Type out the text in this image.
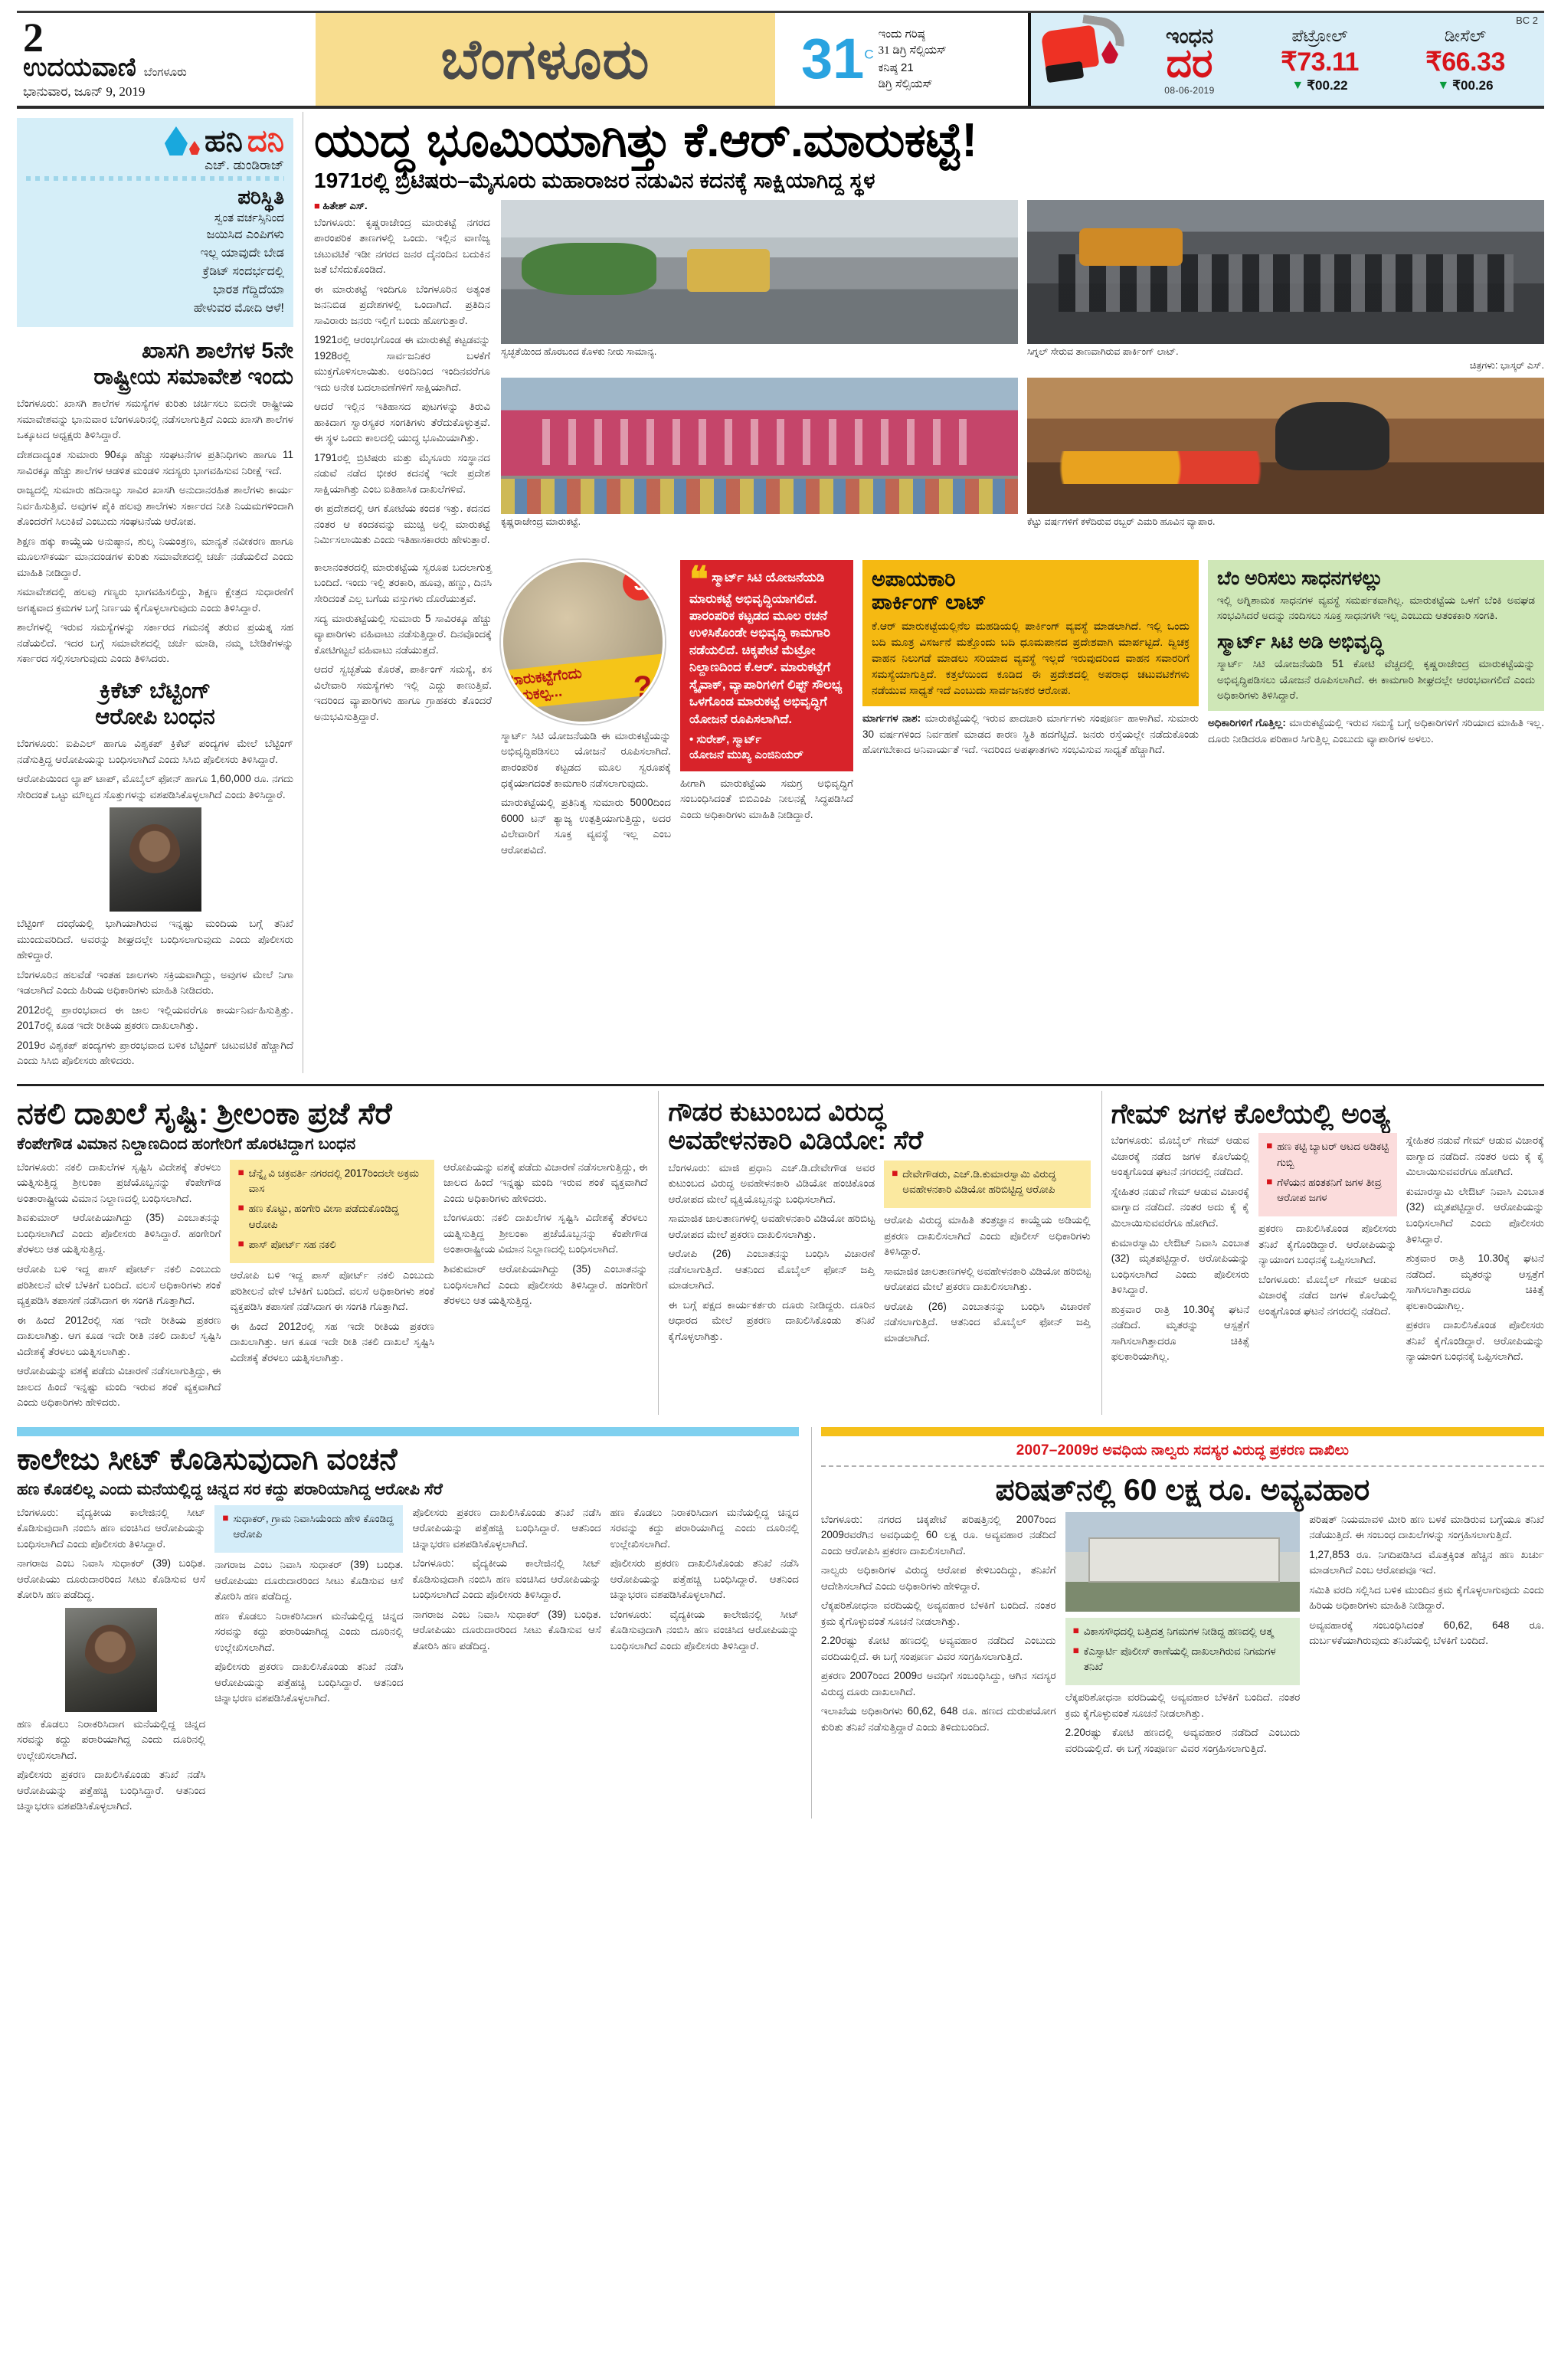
2
ಉದಯವಾಣಿ ಬೆಂಗಳೂರು
ಭಾನುವಾರ, ಜೂನ್ 9, 2019
ಬೆಂಗಳೂರು	$31^C$
ಇಂದು ಗರಿಷ್ಠ
31 ಡಿಗ್ರಿ ಸೆಲ್ಸಿಯಸ್
ಕನಿಷ್ಠ 21
ಡಿಗ್ರಿ ಸೆಲ್ಸಿಯಸ್
BC 2
ಇಂಧನ
ದರ
08-06-2019
ಪೆಟ್ರೋಲ್
₹73.11
▼ ₹00.22
ಡೀಸೆಲ್
₹66.33
▼ ₹00.26
ಹನಿ ದನಿ
ಎಚ್. ಡುಂಡಿರಾಜ್
ಪರಿಸ್ಥಿತಿ
ಸ್ವಂತ ವರ್ಚಸ್ಸಿನಿಂದ
ಜಯಿಸಿದ ಎಂಪಿಗಳು
ಇಲ್ಲ ಯಾವುದೇ ಬೇಡ
ಕ್ರೆಡಿಟ್ ಸಂದರ್ಭದಲ್ಲಿ
ಭಾರತ ಗೆದ್ದಿದೆಯಾ
ಹೇಳುವರ ಮೋದಿ ಆಳೆ!
ಖಾಸಗಿ ಶಾಲೆಗಳ 5ನೇ
ರಾಷ್ಟ್ರೀಯ ಸಮಾವೇಶ ಇಂದು

ಬೆಂಗಳೂರು: ಖಾಸಗಿ ಶಾಲೆಗಳ ಸಮಸ್ಯೆಗಳ ಕುರಿತು ಚರ್ಚಿಸಲು ಐದನೇ ರಾಷ್ಟ್ರೀಯ ಸಮಾವೇಶವನ್ನು ಭಾನುವಾರ ಬೆಂಗಳೂರಿನಲ್ಲಿ ನಡೆಸಲಾಗುತ್ತಿದೆ ಎಂದು ಖಾಸಗಿ ಶಾಲೆಗಳ ಒಕ್ಕೂಟದ ಅಧ್ಯಕ್ಷರು ತಿಳಿಸಿದ್ದಾರೆ.

ದೇಶದಾದ್ಯಂತ ಸುಮಾರು 90ಕ್ಕೂ ಹೆಚ್ಚು ಸಂಘಟನೆಗಳ ಪ್ರತಿನಿಧಿಗಳು ಹಾಗೂ 11 ಸಾವಿರಕ್ಕೂ ಹೆಚ್ಚು ಶಾಲೆಗಳ ಆಡಳಿತ ಮಂಡಳಿ ಸದಸ್ಯರು ಭಾಗವಹಿಸುವ ನಿರೀಕ್ಷೆ ಇದೆ.

ರಾಜ್ಯದಲ್ಲಿ ಸುಮಾರು ಹದಿನಾಲ್ಕು ಸಾವಿರ ಖಾಸಗಿ ಅನುದಾನರಹಿತ ಶಾಲೆಗಳು ಕಾರ್ಯ ನಿರ್ವಹಿಸುತ್ತಿವೆ. ಅವುಗಳ ಪೈಕಿ ಹಲವು ಶಾಲೆಗಳು ಸರ್ಕಾರದ ನೀತಿ ನಿಯಮಗಳಿಂದಾಗಿ ತೊಂದರೆಗೆ ಸಿಲುಕಿವೆ ಎಂಬುದು ಸಂಘಟನೆಯ ಆರೋಪ.

ಶಿಕ್ಷಣ ಹಕ್ಕು ಕಾಯ್ದೆಯ ಅನುಷ್ಠಾನ, ಶುಲ್ಕ ನಿಯಂತ್ರಣ, ಮಾನ್ಯತೆ ನವೀಕರಣ ಹಾಗೂ ಮೂಲಸೌಕರ್ಯ ಮಾನದಂಡಗಳ ಕುರಿತು ಸಮಾವೇಶದಲ್ಲಿ ಚರ್ಚೆ ನಡೆಯಲಿದೆ ಎಂದು ಮಾಹಿತಿ ನೀಡಿದ್ದಾರೆ.

ಸಮಾವೇಶದಲ್ಲಿ ಹಲವು ಗಣ್ಯರು ಭಾಗವಹಿಸಲಿದ್ದು, ಶಿಕ್ಷಣ ಕ್ಷೇತ್ರದ ಸುಧಾರಣೆಗೆ ಅಗತ್ಯವಾದ ಕ್ರಮಗಳ ಬಗ್ಗೆ ನಿರ್ಣಯ ಕೈಗೊಳ್ಳಲಾಗುವುದು ಎಂದು ತಿಳಿಸಿದ್ದಾರೆ.

ಶಾಲೆಗಳಲ್ಲಿ ಇರುವ ಸಮಸ್ಯೆಗಳನ್ನು ಸರ್ಕಾರದ ಗಮನಕ್ಕೆ ತರುವ ಪ್ರಯತ್ನ ಸಹ ನಡೆಯಲಿದೆ. ಇದರ ಬಗ್ಗೆ ಸಮಾವೇಶದಲ್ಲಿ ಚರ್ಚೆ ಮಾಡಿ, ನಮ್ಮ ಬೇಡಿಕೆಗಳನ್ನು ಸರ್ಕಾರದ ಸಲ್ಲಿಸಲಾಗುವುದು ಎಂದು ತಿಳಿಸಿದರು.

ಕ್ರಿಕೆಟ್ ಬೆಟ್ಟಿಂಗ್
ಆರೋಪಿ ಬಂಧನ

ಬೆಂಗಳೂರು: ಐಪಿಎಲ್ ಹಾಗೂ ವಿಶ್ವಕಪ್ ಕ್ರಿಕೆಟ್ ಪಂದ್ಯಗಳ ಮೇಲೆ ಬೆಟ್ಟಿಂಗ್ ನಡೆಸುತ್ತಿದ್ದ ಆರೋಪಿಯನ್ನು ಬಂಧಿಸಲಾಗಿದೆ ಎಂದು ಸಿಸಿಬಿ ಪೊಲೀಸರು ತಿಳಿಸಿದ್ದಾರೆ.

ಆರೋಪಿಯಿಂದ ಲ್ಯಾಪ್ ಟಾಪ್, ಮೊಬೈಲ್ ಫೋನ್ ಹಾಗೂ 1,60,000 ರೂ. ನಗದು ಸೇರಿದಂತೆ ಒಟ್ಟು ಮೌಲ್ಯದ ಸೊತ್ತುಗಳನ್ನು ವಶಪಡಿಸಿಕೊಳ್ಳಲಾಗಿದೆ ಎಂದು ತಿಳಿಸಿದ್ದಾರೆ.

ಬೆಟ್ಟಿಂಗ್ ದಂಧೆಯಲ್ಲಿ ಭಾಗಿಯಾಗಿರುವ ಇನ್ನಷ್ಟು ಮಂದಿಯ ಬಗ್ಗೆ ತನಿಖೆ ಮುಂದುವರಿದಿದೆ. ಅವರನ್ನು ಶೀಘ್ರದಲ್ಲೇ ಬಂಧಿಸಲಾಗುವುದು ಎಂದು ಪೊಲೀಸರು ಹೇಳಿದ್ದಾರೆ.

ಬೆಂಗಳೂರಿನ ಹಲವೆಡೆ ಇಂತಹ ಜಾಲಗಳು ಸಕ್ರಿಯವಾಗಿದ್ದು, ಅವುಗಳ ಮೇಲೆ ನಿಗಾ ಇಡಲಾಗಿದೆ ಎಂದು ಹಿರಿಯ ಅಧಿಕಾರಿಗಳು ಮಾಹಿತಿ ನೀಡಿದರು.

2012ರಲ್ಲಿ ಪ್ರಾರಂಭವಾದ ಈ ಜಾಲ ಇಲ್ಲಿಯವರೆಗೂ ಕಾರ್ಯನಿರ್ವಹಿಸುತ್ತಿತ್ತು. 2017ರಲ್ಲಿ ಕೂಡ ಇದೇ ರೀತಿಯ ಪ್ರಕರಣ ದಾಖಲಾಗಿತ್ತು.

2019ರ ವಿಶ್ವಕಪ್ ಪಂದ್ಯಗಳು ಪ್ರಾರಂಭವಾದ ಬಳಿಕ ಬೆಟ್ಟಿಂಗ್ ಚಟುವಟಿಕೆ ಹೆಚ್ಚಾಗಿದೆ ಎಂದು ಸಿಸಿಬಿ ಪೊಲೀಸರು ಹೇಳಿದರು.

ಯುದ್ಧ ಭೂಮಿಯಾಗಿತ್ತು ಕೆ.ಆರ್.ಮಾರುಕಟ್ಟೆ!
1971ರಲ್ಲಿ ಬ್ರಿಟಿಷರು–ಮೈಸೂರು ಮಹಾರಾಜರ ನಡುವಿನ ಕದನಕ್ಕೆ ಸಾಕ್ಷಿಯಾಗಿದ್ದ ಸ್ಥಳ
■ ಹಿತೇಶ್ ಎಸ್.

ಬೆಂಗಳೂರು: ಕೃಷ್ಣರಾಜೇಂದ್ರ ಮಾರುಕಟ್ಟೆ ನಗರದ ಪಾರಂಪರಿಕ ತಾಣಗಳಲ್ಲಿ ಒಂದು. ಇಲ್ಲಿನ ವಾಣಿಜ್ಯ ಚಟುವಟಿಕೆ ಇಡೀ ನಗರದ ಜನರ ದೈನಂದಿನ ಬದುಕಿನ ಜತೆ ಬೆಸೆದುಕೊಂಡಿದೆ.

ಈ ಮಾರುಕಟ್ಟೆ ಇಂದಿಗೂ ಬೆಂಗಳೂರಿನ ಅತ್ಯಂತ ಜನನಿಬಿಡ ಪ್ರದೇಶಗಳಲ್ಲಿ ಒಂದಾಗಿದೆ. ಪ್ರತಿದಿನ ಸಾವಿರಾರು ಜನರು ಇಲ್ಲಿಗೆ ಬಂದು ಹೋಗುತ್ತಾರೆ.

1921ರಲ್ಲಿ ಆರಂಭಗೊಂಡ ಈ ಮಾರುಕಟ್ಟೆ ಕಟ್ಟಡವನ್ನು 1928ರಲ್ಲಿ ಸಾರ್ವಜನಿಕರ ಬಳಕೆಗೆ ಮುಕ್ತಗೊಳಿಸಲಾಯಿತು. ಅಂದಿನಿಂದ ಇಂದಿನವರೆಗೂ ಇದು ಅನೇಕ ಬದಲಾವಣೆಗಳಿಗೆ ಸಾಕ್ಷಿಯಾಗಿದೆ.

ಆದರೆ ಇಲ್ಲಿನ ಇತಿಹಾಸದ ಪುಟಗಳನ್ನು ತಿರುವಿ ಹಾಕಿದಾಗ ಸ್ವಾರಸ್ಯಕರ ಸಂಗತಿಗಳು ತೆರೆದುಕೊಳ್ಳುತ್ತವೆ. ಈ ಸ್ಥಳ ಒಂದು ಕಾಲದಲ್ಲಿ ಯುದ್ಧ ಭೂಮಿಯಾಗಿತ್ತು.

1791ರಲ್ಲಿ ಬ್ರಿಟಿಷರು ಮತ್ತು ಮೈಸೂರು ಸಂಸ್ಥಾನದ ನಡುವೆ ನಡೆದ ಭೀಕರ ಕದನಕ್ಕೆ ಇದೇ ಪ್ರದೇಶ ಸಾಕ್ಷಿಯಾಗಿತ್ತು ಎಂಬ ಐತಿಹಾಸಿಕ ದಾಖಲೆಗಳಿವೆ.

ಈ ಪ್ರದೇಶದಲ್ಲಿ ಆಗ ಕೋಟೆಯ ಕಂದಕ ಇತ್ತು. ಕದನದ ನಂತರ ಆ ಕಂದಕವನ್ನು ಮುಚ್ಚಿ ಅಲ್ಲಿ ಮಾರುಕಟ್ಟೆ ನಿರ್ಮಿಸಲಾಯಿತು ಎಂದು ಇತಿಹಾಸಕಾರರು ಹೇಳುತ್ತಾರೆ.

ಸ್ವಚ್ಛತೆಯಿಂದ ಹೊರಬಂದ ಕೊಳಕು ನೀರು ಸಾಮಾನ್ಯ.	ಸಿಗ್ನಲ್ ಸೇರುವ ತಾಣವಾಗಿರುವ ಪಾರ್ಕಿಂಗ್ ಲಾಟ್.
ಚಿತ್ರಗಳು: ಭಾಸ್ಕರ್ ಎಸ್.
ಕೃಷ್ಣರಾಜೇಂದ್ರ ಮಾರುಕಟ್ಟೆ.	ಕೆಟ್ಟು ವರ್ಷಗಳಿಗೆ ಕಳೆದಿರುವ ರಬ್ಬರ್ ಎಮರಿ ಹೂವಿನ ವ್ಯಾಪಾರ.

ಕಾಲಾನಂತರದಲ್ಲಿ ಮಾರುಕಟ್ಟೆಯ ಸ್ವರೂಪ ಬದಲಾಗುತ್ತ ಬಂದಿದೆ. ಇಂದು ಇಲ್ಲಿ ತರಕಾರಿ, ಹೂವು, ಹಣ್ಣು, ದಿನಸಿ ಸೇರಿದಂತೆ ಎಲ್ಲ ಬಗೆಯ ವಸ್ತುಗಳು ದೊರೆಯುತ್ತವೆ.

ಸದ್ಯ ಮಾರುಕಟ್ಟೆಯಲ್ಲಿ ಸುಮಾರು 5 ಸಾವಿರಕ್ಕೂ ಹೆಚ್ಚು ವ್ಯಾಪಾರಿಗಳು ವಹಿವಾಟು ನಡೆಸುತ್ತಿದ್ದಾರೆ. ದಿನವೊಂದಕ್ಕೆ ಕೋಟಿಗಟ್ಟಲೆ ವಹಿವಾಟು ನಡೆಯುತ್ತದೆ.

ಆದರೆ ಸ್ವಚ್ಛತೆಯ ಕೊರತೆ, ಪಾರ್ಕಿಂಗ್ ಸಮಸ್ಯೆ, ಕಸ ವಿಲೇವಾರಿ ಸಮಸ್ಯೆಗಳು ಇಲ್ಲಿ ಎದ್ದು ಕಾಣುತ್ತಿವೆ. ಇದರಿಂದ ವ್ಯಾಪಾರಿಗಳು ಹಾಗೂ ಗ್ರಾಹಕರು ತೊಂದರೆ ಅನುಭವಿಸುತ್ತಿದ್ದಾರೆ.

3
ಮಾರುಕಟ್ಟೆಗೆಂದು
ಕಾಯಕಲ್ಪ...	?

ಸ್ಮಾರ್ಟ್ ಸಿಟಿ ಯೋಜನೆಯಡಿ ಈ ಮಾರುಕಟ್ಟೆಯನ್ನು ಅಭಿವೃದ್ಧಿಪಡಿಸಲು ಯೋಜನೆ ರೂಪಿಸಲಾಗಿದೆ. ಪಾರಂಪರಿಕ ಕಟ್ಟಡದ ಮೂಲ ಸ್ವರೂಪಕ್ಕೆ ಧಕ್ಕೆಯಾಗದಂತೆ ಕಾಮಗಾರಿ ನಡೆಸಲಾಗುವುದು.

ಮಾರುಕಟ್ಟೆಯಲ್ಲಿ ಪ್ರತಿನಿತ್ಯ ಸುಮಾರು 5000ದಿಂದ 6000 ಟನ್ ತ್ಯಾಜ್ಯ ಉತ್ಪತ್ತಿಯಾಗುತ್ತಿದ್ದು, ಅದರ ವಿಲೇವಾರಿಗೆ ಸೂಕ್ತ ವ್ಯವಸ್ಥೆ ಇಲ್ಲ ಎಂಬ ಆರೋಪವಿದೆ.

❝ ಸ್ಮಾರ್ಟ್ ಸಿಟಿ ಯೋಜನೆಯಡಿ ಮಾರುಕಟ್ಟೆ ಅಭಿವೃದ್ಧಿಯಾಗಲಿದೆ. ಪಾರಂಪರಿಕ ಕಟ್ಟಡದ ಮೂಲ ರಚನೆ ಉಳಿಸಿಕೊಂಡೇ ಅಭಿವೃದ್ಧಿ ಕಾಮಗಾರಿ ನಡೆಯಲಿದೆ. ಚಿಕ್ಕಪೇಟೆ ಮೆಟ್ರೋ ನಿಲ್ದಾಣದಿಂದ ಕೆ.ಆರ್. ಮಾರುಕಟ್ಟೆಗೆ ಸ್ಕೈವಾಕ್, ವ್ಯಾಪಾರಿಗಳಿಗೆ ಲಿಫ್ಟ್ ಸೌಲಭ್ಯ ಒಳಗೊಂಡ ಮಾರುಕಟ್ಟೆ ಅಭಿವೃದ್ಧಿಗೆ ಯೋಜನೆ ರೂಪಿಸಲಾಗಿದೆ.
• ಸುರೇಶ್, ಸ್ಮಾರ್ಟ್
ಯೋಜನೆ ಮುಖ್ಯ ಎಂಜಿನಿಯರ್

ಹೀಗಾಗಿ ಮಾರುಕಟ್ಟೆಯ ಸಮಗ್ರ ಅಭಿವೃದ್ಧಿಗೆ ಸಂಬಂಧಿಸಿದಂತೆ ಬಿಬಿಎಂಪಿ ನೀಲನಕ್ಷೆ ಸಿದ್ಧಪಡಿಸಿದೆ ಎಂದು ಅಧಿಕಾರಿಗಳು ಮಾಹಿತಿ ನೀಡಿದ್ದಾರೆ.

ಅಪಾಯಕಾರಿ
ಪಾರ್ಕಿಂಗ್ ಲಾಟ್
ಕೆ.ಆರ್ ಮಾರುಕಟ್ಟೆಯಲ್ಲಿನೆಲ ಮಹಡಿಯಲ್ಲಿ ಪಾರ್ಕಿಂಗ್ ವ್ಯವಸ್ಥೆ ಮಾಡಲಾಗಿದೆ. ಇಲ್ಲಿ ಒಂದು ಬದಿ ಮೂತ್ರ ವಿಸರ್ಜನೆ ಮತ್ತೊಂದು ಬದಿ ಧೂಮಪಾನದ ಪ್ರದೇಶವಾಗಿ ಮಾರ್ಪಟ್ಟಿದೆ. ದ್ವಿಚಕ್ರ ವಾಹನ ನಿಲುಗಡೆ ಮಾಡಲು ಸರಿಯಾದ ವ್ಯವಸ್ಥೆ ಇಲ್ಲದೆ ಇರುವುದರಿಂದ ವಾಹನ ಸವಾರರಿಗೆ ಸಮಸ್ಯೆಯಾಗುತ್ತಿದೆ. ಕತ್ತಲೆಯಿಂದ ಕೂಡಿದ ಈ ಪ್ರದೇಶದಲ್ಲಿ ಅಪರಾಧ ಚಟುವಟಿಕೆಗಳು ನಡೆಯುವ ಸಾಧ್ಯತೆ ಇದೆ ಎಂಬುದು ಸಾರ್ವಜನಿಕರ ಆರೋಪ.

ಮಾರ್ಗಗಳ ನಾಶ: ಮಾರುಕಟ್ಟೆಯಲ್ಲಿ ಇರುವ ಪಾದಚಾರಿ ಮಾರ್ಗಗಳು ಸಂಪೂರ್ಣ ಹಾಳಾಗಿವೆ. ಸುಮಾರು 30 ವರ್ಷಗಳಿಂದ ನಿರ್ವಹಣೆ ಮಾಡದ ಕಾರಣ ಸ್ಥಿತಿ ಹದಗೆಟ್ಟಿದೆ. ಜನರು ರಸ್ತೆಯಲ್ಲೇ ನಡೆದುಕೊಂಡು ಹೋಗಬೇಕಾದ ಅನಿವಾರ್ಯತೆ ಇದೆ. ಇದರಿಂದ ಅಪಘಾತಗಳು ಸಂಭವಿಸುವ ಸಾಧ್ಯತೆ ಹೆಚ್ಚಾಗಿದೆ.

ಬೆಂ ಅರಿಸಲು ಸಾಧನಗಳಲ್ಲು
ಇಲ್ಲಿ ಅಗ್ನಿಶಾಮಕ ಸಾಧನಗಳ ವ್ಯವಸ್ಥೆ ಸಮರ್ಪಕವಾಗಿಲ್ಲ. ಮಾರುಕಟ್ಟೆಯ ಒಳಗೆ ಬೆಂಕಿ ಅವಘಡ ಸಂಭವಿಸಿದರೆ ಅದನ್ನು ನಂದಿಸಲು ಸೂಕ್ತ ಸಾಧನಗಳೇ ಇಲ್ಲ ಎಂಬುದು ಆತಂಕಕಾರಿ ಸಂಗತಿ.
ಸ್ಮಾರ್ಟ್ ಸಿಟಿ ಅಡಿ ಅಭಿವೃದ್ಧಿ
ಸ್ಮಾರ್ಟ್ ಸಿಟಿ ಯೋಜನೆಯಡಿ 51 ಕೋಟಿ ವೆಚ್ಚದಲ್ಲಿ ಕೃಷ್ಣರಾಜೇಂದ್ರ ಮಾರುಕಟ್ಟೆಯನ್ನು ಅಭಿವೃದ್ಧಿಪಡಿಸಲು ಯೋಜನೆ ರೂಪಿಸಲಾಗಿದೆ. ಈ ಕಾಮಗಾರಿ ಶೀಘ್ರದಲ್ಲೇ ಆರಂಭವಾಗಲಿದೆ ಎಂದು ಅಧಿಕಾರಿಗಳು ತಿಳಿಸಿದ್ದಾರೆ.

ಅಧಿಕಾರಿಗಳಿಗೆ ಗೊತ್ತಿಲ್ಲ: ಮಾರುಕಟ್ಟೆಯಲ್ಲಿ ಇರುವ ಸಮಸ್ಯೆ ಬಗ್ಗೆ ಅಧಿಕಾರಿಗಳಿಗೆ ಸರಿಯಾದ ಮಾಹಿತಿ ಇಲ್ಲ. ದೂರು ನೀಡಿದರೂ ಪರಿಹಾರ ಸಿಗುತ್ತಿಲ್ಲ ಎಂಬುದು ವ್ಯಾಪಾರಿಗಳ ಅಳಲು.

ನಕಲಿ ದಾಖಲೆ ಸೃಷ್ಟಿ: ಶ್ರೀಲಂಕಾ ಪ್ರಜೆ ಸೆರೆ
ಕೆಂಪೇಗೌಡ ವಿಮಾನ ನಿಲ್ದಾಣದಿಂದ ಹಂಗೇರಿಗೆ ಹೊರಟಿದ್ದಾಗ ಬಂಧನ

ಬೆಂಗಳೂರು: ನಕಲಿ ದಾಖಲೆಗಳ ಸೃಷ್ಟಿಸಿ ವಿದೇಶಕ್ಕೆ ತೆರಳಲು ಯತ್ನಿಸುತ್ತಿದ್ದ ಶ್ರೀಲಂಕಾ ಪ್ರಜೆಯೊಬ್ಬನನ್ನು ಕೆಂಪೇಗೌಡ ಅಂತಾರಾಷ್ಟ್ರೀಯ ವಿಮಾನ ನಿಲ್ದಾಣದಲ್ಲಿ ಬಂಧಿಸಲಾಗಿದೆ.

ಶಿವಕುಮಾರ್ ಆರೋಪಿಯಾಗಿದ್ದು (35) ಎಂಬಾತನನ್ನು ಬಂಧಿಸಲಾಗಿದೆ ಎಂದು ಪೊಲೀಸರು ತಿಳಿಸಿದ್ದಾರೆ. ಹಂಗೇರಿಗೆ ತೆರಳಲು ಆತ ಯತ್ನಿಸುತ್ತಿದ್ದ.

ಆರೋಪಿ ಬಳಿ ಇದ್ದ ಪಾಸ್ ಪೋರ್ಟ್ ನಕಲಿ ಎಂಬುದು ಪರಿಶೀಲನೆ ವೇಳೆ ಬೆಳಕಿಗೆ ಬಂದಿದೆ. ವಲಸೆ ಅಧಿಕಾರಿಗಳು ಶಂಕೆ ವ್ಯಕ್ತಪಡಿಸಿ ತಪಾಸಣೆ ನಡೆಸಿದಾಗ ಈ ಸಂಗತಿ ಗೊತ್ತಾಗಿದೆ.

ಈ ಹಿಂದೆ 2012ರಲ್ಲಿ ಸಹ ಇದೇ ರೀತಿಯ ಪ್ರಕರಣ ದಾಖಲಾಗಿತ್ತು. ಆಗ ಕೂಡ ಇದೇ ರೀತಿ ನಕಲಿ ದಾಖಲೆ ಸೃಷ್ಟಿಸಿ ವಿದೇಶಕ್ಕೆ ತೆರಳಲು ಯತ್ನಿಸಲಾಗಿತ್ತು.

ಆರೋಪಿಯನ್ನು ವಶಕ್ಕೆ ಪಡೆದು ವಿಚಾರಣೆ ನಡೆಸಲಾಗುತ್ತಿದ್ದು, ಈ ಜಾಲದ ಹಿಂದೆ ಇನ್ನಷ್ಟು ಮಂದಿ ಇರುವ ಶಂಕೆ ವ್ಯಕ್ತವಾಗಿದೆ ಎಂದು ಅಧಿಕಾರಿಗಳು ಹೇಳಿದರು.

■ ಚೆನ್ನೈ ವಿ ಚಕ್ರವರ್ತಿ ನಗರದಲ್ಲಿ 2017ರಿಂದಲೇ ಅಕ್ರಮ ವಾಸ
■ ಹಣ ಕೊಟ್ಟು, ಹಂಗೇರಿ ವೀಸಾ ಪಡೆದುಕೊಂಡಿದ್ದ ಆರೋಪಿ
■ ಪಾಸ್ ಪೋರ್ಟ್ ಸಹ ನಕಲಿ

ಆರೋಪಿ ಬಳಿ ಇದ್ದ ಪಾಸ್ ಪೋರ್ಟ್ ನಕಲಿ ಎಂಬುದು ಪರಿಶೀಲನೆ ವೇಳೆ ಬೆಳಕಿಗೆ ಬಂದಿದೆ. ವಲಸೆ ಅಧಿಕಾರಿಗಳು ಶಂಕೆ ವ್ಯಕ್ತಪಡಿಸಿ ತಪಾಸಣೆ ನಡೆಸಿದಾಗ ಈ ಸಂಗತಿ ಗೊತ್ತಾಗಿದೆ.

ಈ ಹಿಂದೆ 2012ರಲ್ಲಿ ಸಹ ಇದೇ ರೀತಿಯ ಪ್ರಕರಣ ದಾಖಲಾಗಿತ್ತು. ಆಗ ಕೂಡ ಇದೇ ರೀತಿ ನಕಲಿ ದಾಖಲೆ ಸೃಷ್ಟಿಸಿ ವಿದೇಶಕ್ಕೆ ತೆರಳಲು ಯತ್ನಿಸಲಾಗಿತ್ತು.

ಆರೋಪಿಯನ್ನು ವಶಕ್ಕೆ ಪಡೆದು ವಿಚಾರಣೆ ನಡೆಸಲಾಗುತ್ತಿದ್ದು, ಈ ಜಾಲದ ಹಿಂದೆ ಇನ್ನಷ್ಟು ಮಂದಿ ಇರುವ ಶಂಕೆ ವ್ಯಕ್ತವಾಗಿದೆ ಎಂದು ಅಧಿಕಾರಿಗಳು ಹೇಳಿದರು.

ಬೆಂಗಳೂರು: ನಕಲಿ ದಾಖಲೆಗಳ ಸೃಷ್ಟಿಸಿ ವಿದೇಶಕ್ಕೆ ತೆರಳಲು ಯತ್ನಿಸುತ್ತಿದ್ದ ಶ್ರೀಲಂಕಾ ಪ್ರಜೆಯೊಬ್ಬನನ್ನು ಕೆಂಪೇಗೌಡ ಅಂತಾರಾಷ್ಟ್ರೀಯ ವಿಮಾನ ನಿಲ್ದಾಣದಲ್ಲಿ ಬಂಧಿಸಲಾಗಿದೆ.

ಶಿವಕುಮಾರ್ ಆರೋಪಿಯಾಗಿದ್ದು (35) ಎಂಬಾತನನ್ನು ಬಂಧಿಸಲಾಗಿದೆ ಎಂದು ಪೊಲೀಸರು ತಿಳಿಸಿದ್ದಾರೆ. ಹಂಗೇರಿಗೆ ತೆರಳಲು ಆತ ಯತ್ನಿಸುತ್ತಿದ್ದ.

ಗೌಡರ ಕುಟುಂಬದ ವಿರುದ್ಧ
ಅವಹೇಳನಕಾರಿ ವಿಡಿಯೋ: ಸೆರೆ

ಬೆಂಗಳೂರು: ಮಾಜಿ ಪ್ರಧಾನಿ ಎಚ್.ಡಿ.ದೇವೇಗೌಡ ಅವರ ಕುಟುಂಬದ ವಿರುದ್ಧ ಅವಹೇಳನಕಾರಿ ವಿಡಿಯೋ ಹಂಚಿಕೊಂಡ ಆರೋಪದ ಮೇಲೆ ವ್ಯಕ್ತಿಯೊಬ್ಬನನ್ನು ಬಂಧಿಸಲಾಗಿದೆ.

ಸಾಮಾಜಿಕ ಜಾಲತಾಣಗಳಲ್ಲಿ ಅವಹೇಳನಕಾರಿ ವಿಡಿಯೋ ಹರಿಬಿಟ್ಟ ಆರೋಪದ ಮೇಲೆ ಪ್ರಕರಣ ದಾಖಲಿಸಲಾಗಿತ್ತು.

ಆರೋಪಿ (26) ಎಂಬಾತನನ್ನು ಬಂಧಿಸಿ ವಿಚಾರಣೆ ನಡೆಸಲಾಗುತ್ತಿದೆ. ಆತನಿಂದ ಮೊಬೈಲ್ ಫೋನ್ ಜಪ್ತಿ ಮಾಡಲಾಗಿದೆ.

ಈ ಬಗ್ಗೆ ಪಕ್ಷದ ಕಾರ್ಯಕರ್ತರು ದೂರು ನೀಡಿದ್ದರು. ದೂರಿನ ಆಧಾರದ ಮೇಲೆ ಪ್ರಕರಣ ದಾಖಲಿಸಿಕೊಂಡು ತನಿಖೆ ಕೈಗೊಳ್ಳಲಾಗಿತ್ತು.

■ ದೇವೇಗೌಡರು, ಎಚ್.ಡಿ.ಕುಮಾರಸ್ವಾಮಿ ವಿರುದ್ಧ ಅವಹೇಳನಕಾರಿ ವಿಡಿಯೋ ಹರಿಬಿಟ್ಟಿದ್ದ ಆರೋಪಿ

ಆರೋಪಿ ವಿರುದ್ಧ ಮಾಹಿತಿ ತಂತ್ರಜ್ಞಾನ ಕಾಯ್ದೆಯ ಅಡಿಯಲ್ಲಿ ಪ್ರಕರಣ ದಾಖಲಿಸಲಾಗಿದೆ ಎಂದು ಪೊಲೀಸ್ ಅಧಿಕಾರಿಗಳು ತಿಳಿಸಿದ್ದಾರೆ.

ಸಾಮಾಜಿಕ ಜಾಲತಾಣಗಳಲ್ಲಿ ಅವಹೇಳನಕಾರಿ ವಿಡಿಯೋ ಹರಿಬಿಟ್ಟ ಆರೋಪದ ಮೇಲೆ ಪ್ರಕರಣ ದಾಖಲಿಸಲಾಗಿತ್ತು.

ಆರೋಪಿ (26) ಎಂಬಾತನನ್ನು ಬಂಧಿಸಿ ವಿಚಾರಣೆ ನಡೆಸಲಾಗುತ್ತಿದೆ. ಆತನಿಂದ ಮೊಬೈಲ್ ಫೋನ್ ಜಪ್ತಿ ಮಾಡಲಾಗಿದೆ.

ಗೇಮ್ ಜಗಳ ಕೊಲೆಯಲ್ಲಿ ಅಂತ್ಯ

ಬೆಂಗಳೂರು: ಮೊಬೈಲ್ ಗೇಮ್ ಆಡುವ ವಿಚಾರಕ್ಕೆ ನಡೆದ ಜಗಳ ಕೊಲೆಯಲ್ಲಿ ಅಂತ್ಯಗೊಂಡ ಘಟನೆ ನಗರದಲ್ಲಿ ನಡೆದಿದೆ.

ಸ್ನೇಹಿತರ ನಡುವೆ ಗೇಮ್ ಆಡುವ ವಿಚಾರಕ್ಕೆ ವಾಗ್ವಾದ ನಡೆದಿದೆ. ನಂತರ ಅದು ಕೈ ಕೈ ಮಿಲಾಯಿಸುವವರೆಗೂ ಹೋಗಿದೆ.

ಕುಮಾರಸ್ವಾಮಿ ಲೇಔಟ್ ನಿವಾಸಿ ಎಂಬಾತ (32) ಮೃತಪಟ್ಟಿದ್ದಾರೆ. ಆರೋಪಿಯನ್ನು ಬಂಧಿಸಲಾಗಿದೆ ಎಂದು ಪೊಲೀಸರು ತಿಳಿಸಿದ್ದಾರೆ.

ಶುಕ್ರವಾರ ರಾತ್ರಿ 10.30ಕ್ಕೆ ಘಟನೆ ನಡೆದಿದೆ. ಮೃತರನ್ನು ಆಸ್ಪತ್ರೆಗೆ ಸಾಗಿಸಲಾಗಿತ್ತಾದರೂ ಚಿಕಿತ್ಸೆ ಫಲಕಾರಿಯಾಗಿಲ್ಲ.

■ ಹಣ ಕಟ್ಟಿ ಬ್ಯಾಟರ್ ಆಟದ ಅಡಿಕಟ್ಟಿ ಗುಬ್ಬಿ
■ ಗೆಳೆಯನ ಹಂತಕನಿಗೆ ಜಗಳ ತೀವ್ರ ಆರೋಪ ಜಗಳ

ಪ್ರಕರಣ ದಾಖಲಿಸಿಕೊಂಡ ಪೊಲೀಸರು ತನಿಖೆ ಕೈಗೊಂಡಿದ್ದಾರೆ. ಆರೋಪಿಯನ್ನು ನ್ಯಾಯಾಂಗ ಬಂಧನಕ್ಕೆ ಒಪ್ಪಿಸಲಾಗಿದೆ.

ಬೆಂಗಳೂರು: ಮೊಬೈಲ್ ಗೇಮ್ ಆಡುವ ವಿಚಾರಕ್ಕೆ ನಡೆದ ಜಗಳ ಕೊಲೆಯಲ್ಲಿ ಅಂತ್ಯಗೊಂಡ ಘಟನೆ ನಗರದಲ್ಲಿ ನಡೆದಿದೆ.

ಸ್ನೇಹಿತರ ನಡುವೆ ಗೇಮ್ ಆಡುವ ವಿಚಾರಕ್ಕೆ ವಾಗ್ವಾದ ನಡೆದಿದೆ. ನಂತರ ಅದು ಕೈ ಕೈ ಮಿಲಾಯಿಸುವವರೆಗೂ ಹೋಗಿದೆ.

ಕುಮಾರಸ್ವಾಮಿ ಲೇಔಟ್ ನಿವಾಸಿ ಎಂಬಾತ (32) ಮೃತಪಟ್ಟಿದ್ದಾರೆ. ಆರೋಪಿಯನ್ನು ಬಂಧಿಸಲಾಗಿದೆ ಎಂದು ಪೊಲೀಸರು ತಿಳಿಸಿದ್ದಾರೆ.

ಶುಕ್ರವಾರ ರಾತ್ರಿ 10.30ಕ್ಕೆ ಘಟನೆ ನಡೆದಿದೆ. ಮೃತರನ್ನು ಆಸ್ಪತ್ರೆಗೆ ಸಾಗಿಸಲಾಗಿತ್ತಾದರೂ ಚಿಕಿತ್ಸೆ ಫಲಕಾರಿಯಾಗಿಲ್ಲ.

ಪ್ರಕರಣ ದಾಖಲಿಸಿಕೊಂಡ ಪೊಲೀಸರು ತನಿಖೆ ಕೈಗೊಂಡಿದ್ದಾರೆ. ಆರೋಪಿಯನ್ನು ನ್ಯಾಯಾಂಗ ಬಂಧನಕ್ಕೆ ಒಪ್ಪಿಸಲಾಗಿದೆ.

ಕಾಲೇಜು ಸೀಟ್ ಕೊಡಿಸುವುದಾಗಿ ವಂಚನೆ
ಹಣ ಕೊಡಲಿಲ್ಲ ಎಂದು ಮನೆಯಲ್ಲಿದ್ದ ಚಿನ್ನದ ಸರ ಕದ್ದು ಪರಾರಿಯಾಗಿದ್ದ ಆರೋಪಿ ಸೆರೆ

ಬೆಂಗಳೂರು: ವೈದ್ಯಕೀಯ ಕಾಲೇಜಿನಲ್ಲಿ ಸೀಟ್ ಕೊಡಿಸುವುದಾಗಿ ನಂಬಿಸಿ ಹಣ ವಂಚಿಸಿದ ಆರೋಪಿಯನ್ನು ಬಂಧಿಸಲಾಗಿದೆ ಎಂದು ಪೊಲೀಸರು ತಿಳಿಸಿದ್ದಾರೆ.

ನಾಗರಾಜ ಎಂಬ ನಿವಾಸಿ ಸುಧಾಕರ್ (39) ಬಂಧಿತ. ಆರೋಪಿಯು ದೂರುದಾರರಿಂದ ಸೀಟು ಕೊಡಿಸುವ ಆಸೆ ತೋರಿಸಿ ಹಣ ಪಡೆದಿದ್ದ.

ಹಣ ಕೊಡಲು ನಿರಾಕರಿಸಿದಾಗ ಮನೆಯಲ್ಲಿದ್ದ ಚಿನ್ನದ ಸರವನ್ನು ಕದ್ದು ಪರಾರಿಯಾಗಿದ್ದ ಎಂದು ದೂರಿನಲ್ಲಿ ಉಲ್ಲೇಖಿಸಲಾಗಿದೆ.

ಪೊಲೀಸರು ಪ್ರಕರಣ ದಾಖಲಿಸಿಕೊಂಡು ತನಿಖೆ ನಡೆಸಿ ಆರೋಪಿಯನ್ನು ಪತ್ತೆಹಚ್ಚಿ ಬಂಧಿಸಿದ್ದಾರೆ. ಆತನಿಂದ ಚಿನ್ನಾಭರಣ ವಶಪಡಿಸಿಕೊಳ್ಳಲಾಗಿದೆ.

■ ಸುಧಾಕರ್, ಗ್ರಾಮ ನಿವಾಸಿಯೆಂದು ಹೇಳಿ ಕೊಂಡಿದ್ದ ಆರೋಪಿ

ನಾಗರಾಜ ಎಂಬ ನಿವಾಸಿ ಸುಧಾಕರ್ (39) ಬಂಧಿತ. ಆರೋಪಿಯು ದೂರುದಾರರಿಂದ ಸೀಟು ಕೊಡಿಸುವ ಆಸೆ ತೋರಿಸಿ ಹಣ ಪಡೆದಿದ್ದ.

ಹಣ ಕೊಡಲು ನಿರಾಕರಿಸಿದಾಗ ಮನೆಯಲ್ಲಿದ್ದ ಚಿನ್ನದ ಸರವನ್ನು ಕದ್ದು ಪರಾರಿಯಾಗಿದ್ದ ಎಂದು ದೂರಿನಲ್ಲಿ ಉಲ್ಲೇಖಿಸಲಾಗಿದೆ.

ಪೊಲೀಸರು ಪ್ರಕರಣ ದಾಖಲಿಸಿಕೊಂಡು ತನಿಖೆ ನಡೆಸಿ ಆರೋಪಿಯನ್ನು ಪತ್ತೆಹಚ್ಚಿ ಬಂಧಿಸಿದ್ದಾರೆ. ಆತನಿಂದ ಚಿನ್ನಾಭರಣ ವಶಪಡಿಸಿಕೊಳ್ಳಲಾಗಿದೆ.

ಪೊಲೀಸರು ಪ್ರಕರಣ ದಾಖಲಿಸಿಕೊಂಡು ತನಿಖೆ ನಡೆಸಿ ಆರೋಪಿಯನ್ನು ಪತ್ತೆಹಚ್ಚಿ ಬಂಧಿಸಿದ್ದಾರೆ. ಆತನಿಂದ ಚಿನ್ನಾಭರಣ ವಶಪಡಿಸಿಕೊಳ್ಳಲಾಗಿದೆ.

ಬೆಂಗಳೂರು: ವೈದ್ಯಕೀಯ ಕಾಲೇಜಿನಲ್ಲಿ ಸೀಟ್ ಕೊಡಿಸುವುದಾಗಿ ನಂಬಿಸಿ ಹಣ ವಂಚಿಸಿದ ಆರೋಪಿಯನ್ನು ಬಂಧಿಸಲಾಗಿದೆ ಎಂದು ಪೊಲೀಸರು ತಿಳಿಸಿದ್ದಾರೆ.

ನಾಗರಾಜ ಎಂಬ ನಿವಾಸಿ ಸುಧಾಕರ್ (39) ಬಂಧಿತ. ಆರೋಪಿಯು ದೂರುದಾರರಿಂದ ಸೀಟು ಕೊಡಿಸುವ ಆಸೆ ತೋರಿಸಿ ಹಣ ಪಡೆದಿದ್ದ.

ಹಣ ಕೊಡಲು ನಿರಾಕರಿಸಿದಾಗ ಮನೆಯಲ್ಲಿದ್ದ ಚಿನ್ನದ ಸರವನ್ನು ಕದ್ದು ಪರಾರಿಯಾಗಿದ್ದ ಎಂದು ದೂರಿನಲ್ಲಿ ಉಲ್ಲೇಖಿಸಲಾಗಿದೆ.

ಪೊಲೀಸರು ಪ್ರಕರಣ ದಾಖಲಿಸಿಕೊಂಡು ತನಿಖೆ ನಡೆಸಿ ಆರೋಪಿಯನ್ನು ಪತ್ತೆಹಚ್ಚಿ ಬಂಧಿಸಿದ್ದಾರೆ. ಆತನಿಂದ ಚಿನ್ನಾಭರಣ ವಶಪಡಿಸಿಕೊಳ್ಳಲಾಗಿದೆ.

ಬೆಂಗಳೂರು: ವೈದ್ಯಕೀಯ ಕಾಲೇಜಿನಲ್ಲಿ ಸೀಟ್ ಕೊಡಿಸುವುದಾಗಿ ನಂಬಿಸಿ ಹಣ ವಂಚಿಸಿದ ಆರೋಪಿಯನ್ನು ಬಂಧಿಸಲಾಗಿದೆ ಎಂದು ಪೊಲೀಸರು ತಿಳಿಸಿದ್ದಾರೆ.

2007–2009ರ ಅವಧಿಯ ನಾಲ್ವರು ಸದಸ್ಯರ ವಿರುದ್ಧ ಪ್ರಕರಣ ದಾಖಿಲು
ಪರಿಷತ್‌ನಲ್ಲಿ 60 ಲಕ್ಷ ರೂ. ಅವ್ಯವಹಾರ

ಬೆಂಗಳೂರು: ನಗರದ ಚಿಕ್ಕಪೇಟೆ ಪರಿಷತ್ತಿನಲ್ಲಿ 2007ರಿಂದ 2009ರವರೆಗಿನ ಅವಧಿಯಲ್ಲಿ 60 ಲಕ್ಷ ರೂ. ಅವ್ಯವಹಾರ ನಡೆದಿದೆ ಎಂದು ಆರೋಪಿಸಿ ಪ್ರಕರಣ ದಾಖಲಿಸಲಾಗಿದೆ.

ನಾಲ್ವರು ಅಧಿಕಾರಿಗಳ ವಿರುದ್ಧ ಆರೋಪ ಕೇಳಿಬಂದಿದ್ದು, ತನಿಖೆಗೆ ಆದೇಶಿಸಲಾಗಿದೆ ಎಂದು ಅಧಿಕಾರಿಗಳು ಹೇಳಿದ್ದಾರೆ.

ಲೆಕ್ಕಪರಿಶೋಧನಾ ವರದಿಯಲ್ಲಿ ಅವ್ಯವಹಾರ ಬೆಳಕಿಗೆ ಬಂದಿದೆ. ನಂತರ ಕ್ರಮ ಕೈಗೊಳ್ಳುವಂತೆ ಸೂಚನೆ ನೀಡಲಾಗಿತ್ತು.

2.20ರಷ್ಟು ಕೋಟಿ ಹಣದಲ್ಲಿ ಅವ್ಯವಹಾರ ನಡೆದಿದೆ ಎಂಬುದು ವರದಿಯಲ್ಲಿದೆ. ಈ ಬಗ್ಗೆ ಸಂಪೂರ್ಣ ವಿವರ ಸಂಗ್ರಹಿಸಲಾಗುತ್ತಿದೆ.

ಪ್ರಕರಣ 2007ರಿಂದ 2009ರ ಅವಧಿಗೆ ಸಂಬಂಧಿಸಿದ್ದು, ಆಗಿನ ಸದಸ್ಯರ ವಿರುದ್ಧ ದೂರು ದಾಖಲಾಗಿದೆ.

ಇಲಾಖೆಯ ಅಧಿಕಾರಿಗಳು 60,62, 648 ರೂ. ಹಣದ ದುರುಪಯೋಗ ಕುರಿತು ತನಿಖೆ ನಡೆಸುತ್ತಿದ್ದಾರೆ ಎಂದು ತಿಳಿದುಬಂದಿದೆ.

■ ವಿಕಾಸಸೌಧದಲ್ಲಿ ಬತ್ತಿದತ್ತ ನಿಗಮಗಳ ನೀಡಿದ್ದ ಹಣದಲ್ಲಿ ಆತ್ಮ
■ ಕೆಎಸ್ಸಾರ್ಟಿ ಪೊಲೀಸ್ ಠಾಣೆಯಲ್ಲಿ ದಾಖಲಾಗಿರುವ ನಿಗಮಗಳ ತನಿಖೆ

ಲೆಕ್ಕಪರಿಶೋಧನಾ ವರದಿಯಲ್ಲಿ ಅವ್ಯವಹಾರ ಬೆಳಕಿಗೆ ಬಂದಿದೆ. ನಂತರ ಕ್ರಮ ಕೈಗೊಳ್ಳುವಂತೆ ಸೂಚನೆ ನೀಡಲಾಗಿತ್ತು.

2.20ರಷ್ಟು ಕೋಟಿ ಹಣದಲ್ಲಿ ಅವ್ಯವಹಾರ ನಡೆದಿದೆ ಎಂಬುದು ವರದಿಯಲ್ಲಿದೆ. ಈ ಬಗ್ಗೆ ಸಂಪೂರ್ಣ ವಿವರ ಸಂಗ್ರಹಿಸಲಾಗುತ್ತಿದೆ.

ಪರಿಷತ್ ನಿಯಮಾವಳಿ ಮೀರಿ ಹಣ ಬಳಕೆ ಮಾಡಿರುವ ಬಗ್ಗೆಯೂ ತನಿಖೆ ನಡೆಯುತ್ತಿದೆ. ಈ ಸಂಬಂಧ ದಾಖಲೆಗಳನ್ನು ಸಂಗ್ರಹಿಸಲಾಗುತ್ತಿದೆ.

1,27,853 ರೂ. ನಿಗದಿಪಡಿಸಿದ ಮೊತ್ತಕ್ಕಿಂತ ಹೆಚ್ಚಿನ ಹಣ ಖರ್ಚು ಮಾಡಲಾಗಿದೆ ಎಂಬ ಆರೋಪವೂ ಇದೆ.

ಸಮಿತಿ ವರದಿ ಸಲ್ಲಿಸಿದ ಬಳಿಕ ಮುಂದಿನ ಕ್ರಮ ಕೈಗೊಳ್ಳಲಾಗುವುದು ಎಂದು ಹಿರಿಯ ಅಧಿಕಾರಿಗಳು ಮಾಹಿತಿ ನೀಡಿದ್ದಾರೆ.

ಅವ್ಯವಹಾರಕ್ಕೆ ಸಂಬಂಧಿಸಿದಂತೆ 60,62, 648 ರೂ. ದುರ್ಬಳಕೆಯಾಗಿರುವುದು ತನಿಖೆಯಲ್ಲಿ ಬೆಳಕಿಗೆ ಬಂದಿದೆ.
